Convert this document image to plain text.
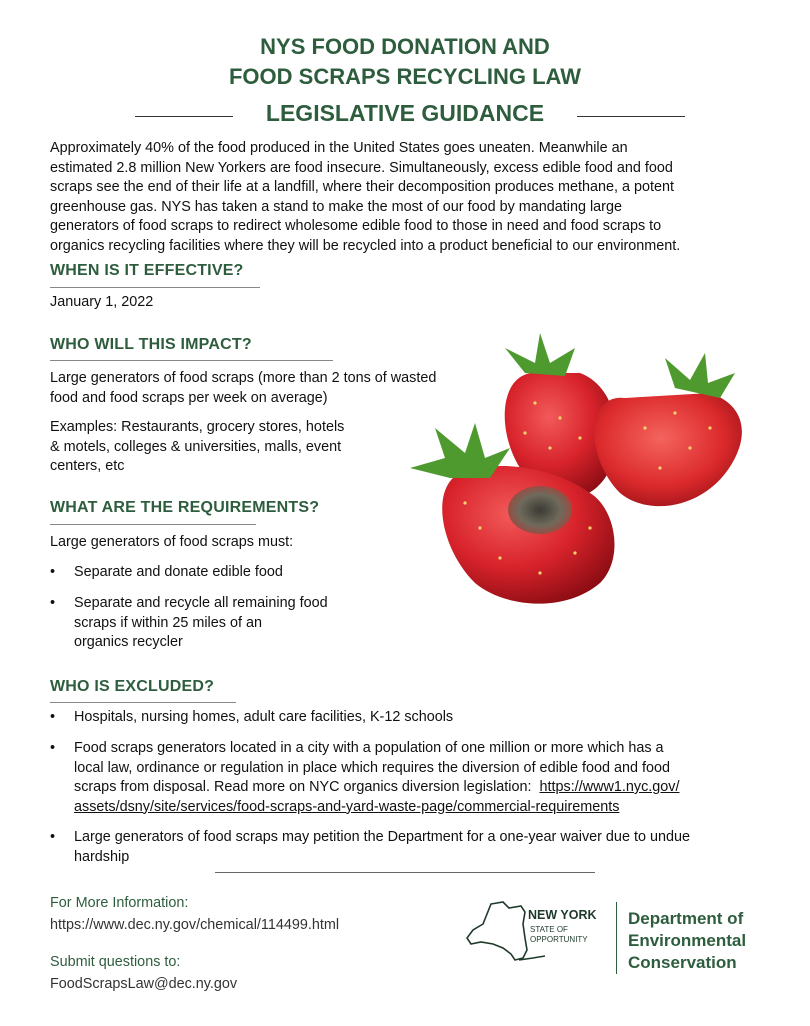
NYS FOOD DONATION AND
FOOD SCRAPS RECYCLING LAW
LEGISLATIVE GUIDANCE
Approximately 40% of the food produced in the United States goes uneaten. Meanwhile an
estimated 2.8 million New Yorkers are food insecure. Simultaneously, excess edible food and food
scraps see the end of their life at a landfill, where their decomposition produces methane, a potent
greenhouse gas. NYS has taken a stand to make the most of our food by mandating large
generators of food scraps to redirect wholesome edible food to those in need and food scraps to
organics recycling facilities where they will be recycled into a product beneficial to our environment.
WHEN IS IT EFFECTIVE?
January 1, 2022
WHO WILL THIS IMPACT?
Large generators of food scraps (more than 2 tons of wasted
food and food scraps per week on average)
Examples: Restaurants, grocery stores, hotels
& motels, colleges & universities, malls, event
centers, etc
WHAT ARE THE REQUIREMENTS?
Large generators of food scraps must:
• Separate and donate edible food
• Separate and recycle all remaining food
scraps if within 25 miles of an
organics recycler
WHO IS EXCLUDED?
• Hospitals, nursing homes, adult care facilities, K-12 schools
• Food scraps generators located in a city with a population of one million or more which has a
local law, ordinance or regulation in place which requires the diversion of edible food and food
scraps from disposal. Read more on NYC organics diversion legislation: https://www1.nyc.gov/
assets/dsny/site/services/food-scraps-and-yard-waste-page/commercial-requirements
• Large generators of food scraps may petition the Department for a one-year waiver due to undue
hardship
For More Information:
https://www.dec.ny.gov/chemical/114499.html
Submit questions to:
FoodScrapsLaw@dec.ny.gov
NEW YORK
STATE OF
OPPORTUNITY
Department of
Environmental
Conservation
